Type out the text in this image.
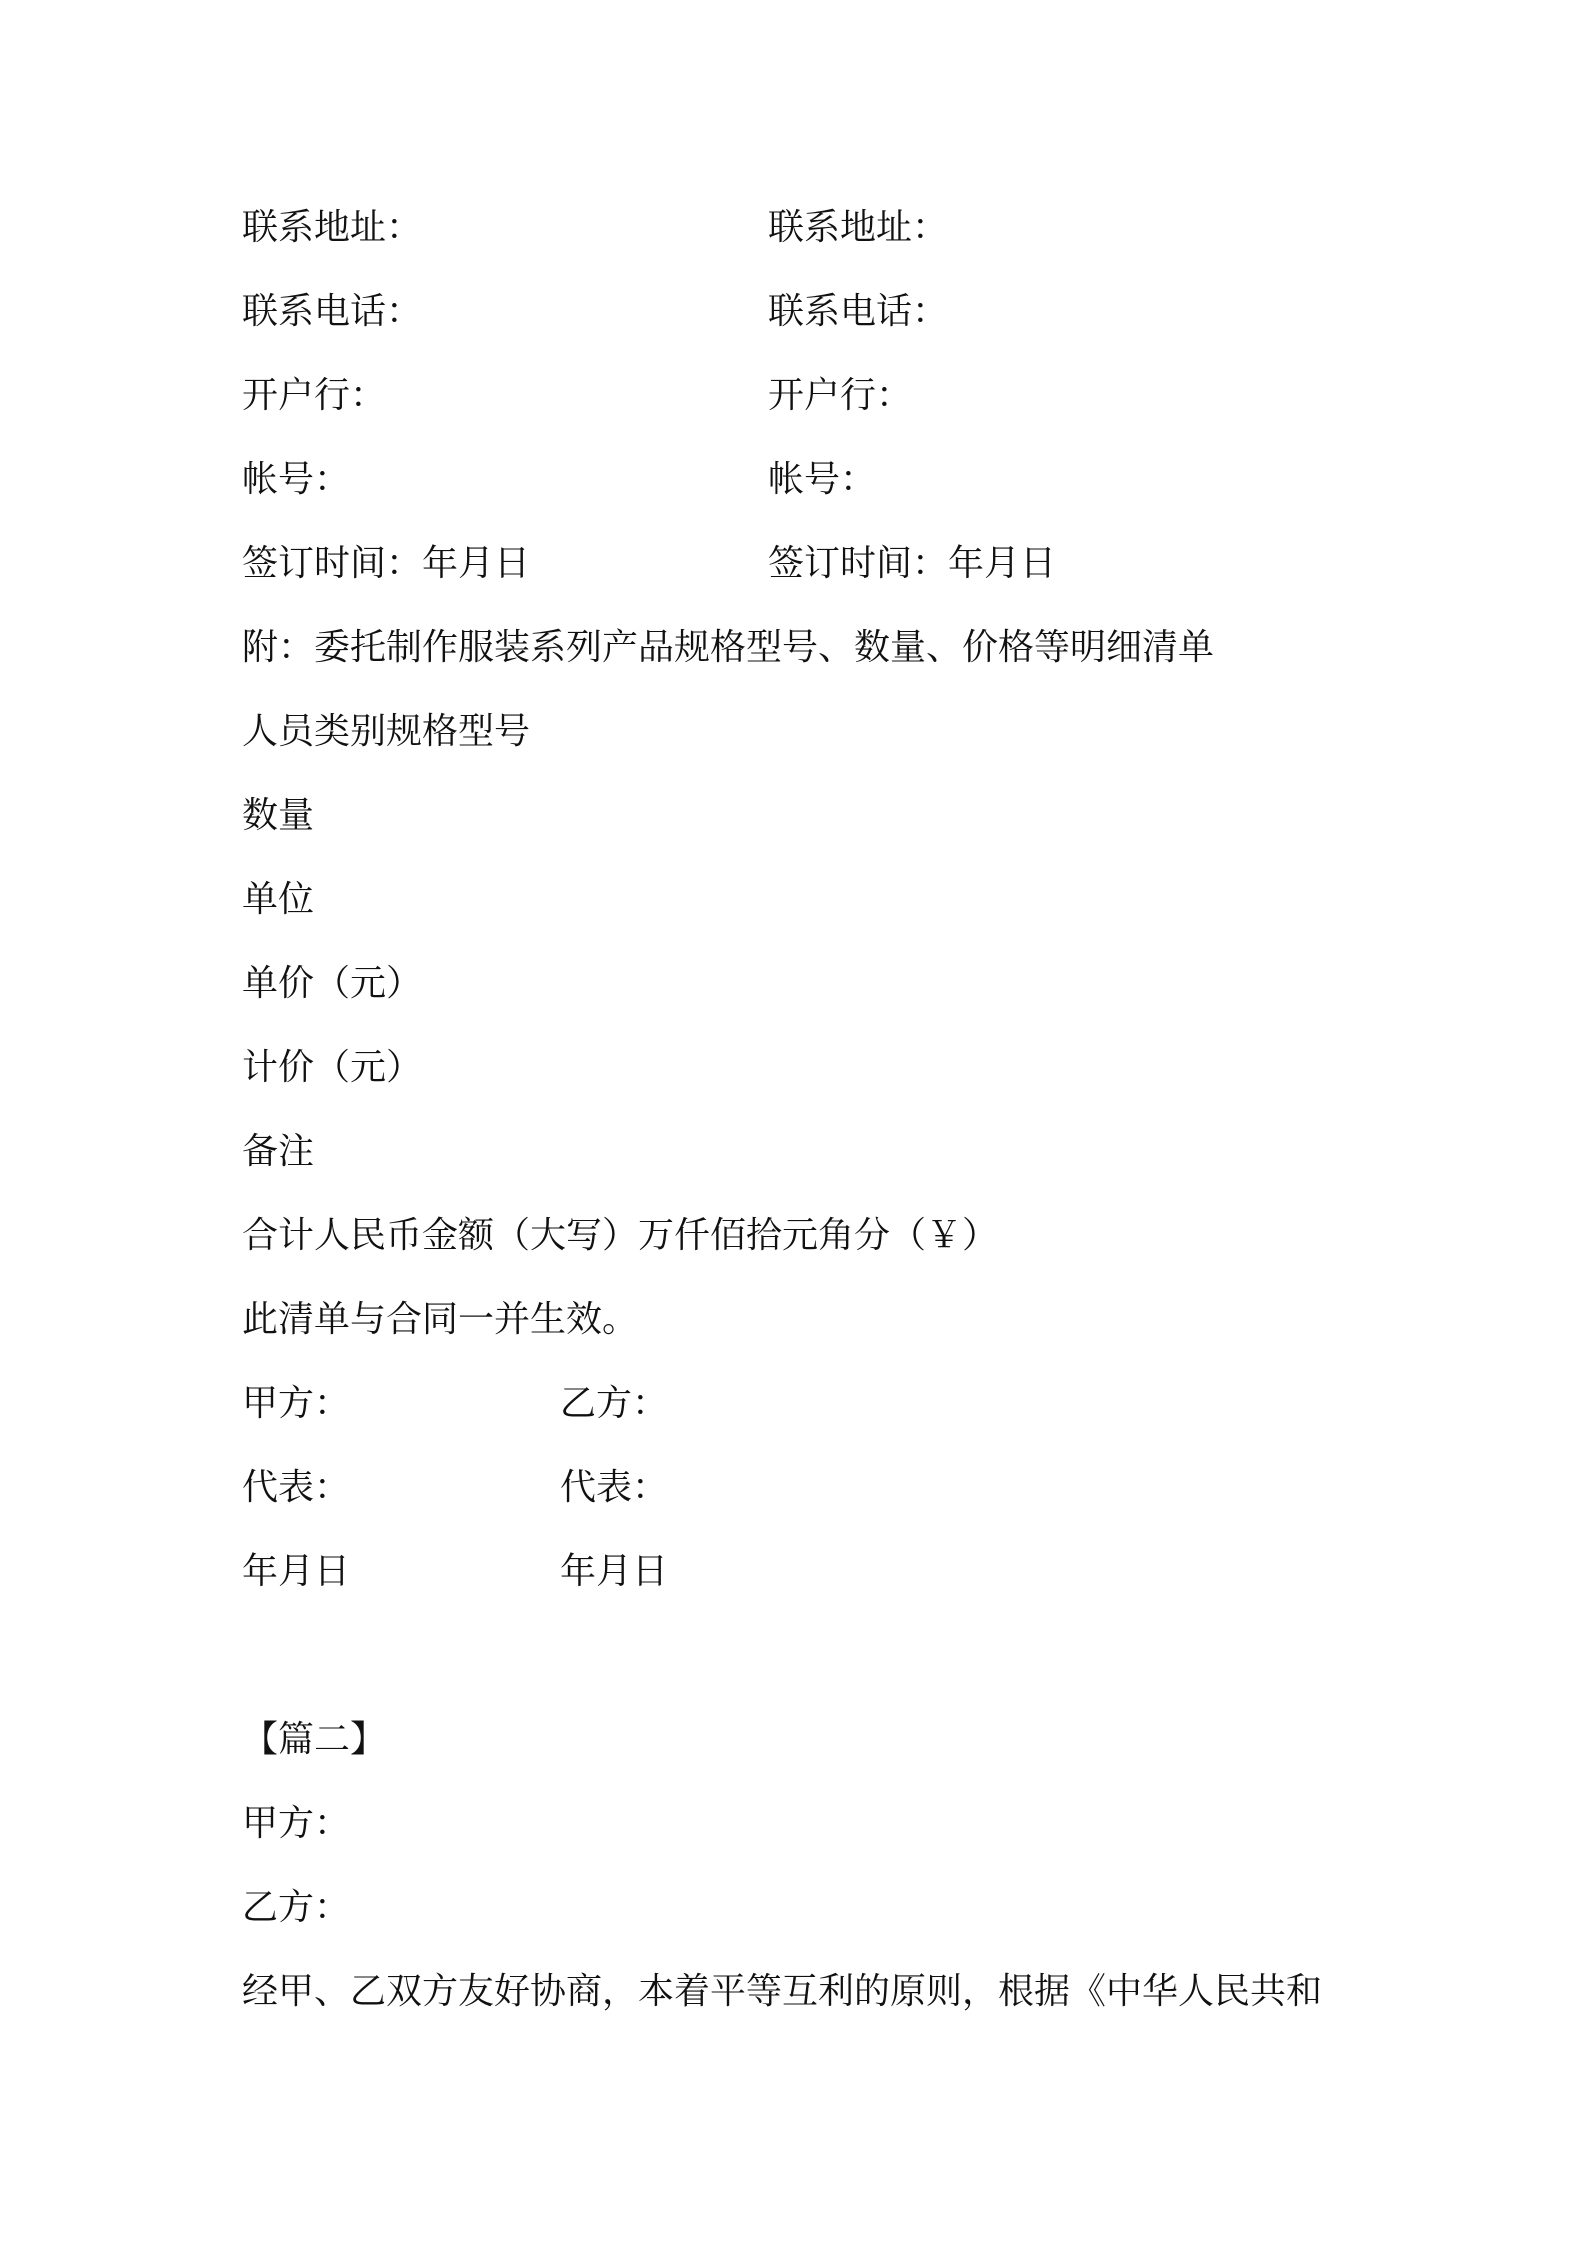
联系地址：	联系地址：
联系电话：	联系电话：
开户行：	开户行：
帐号：	帐号：
签订时间：年月日	签订时间：年月日
附：委托制作服装系列产品规格型号、数量、价格等明细清单
人员类别规格型号
数量
单位
单价（元）
计价（元）
备注
合计人民币金额（大写）万仟佰拾元角分（￥）
此清单与合同一并生效。
甲方：	乙方：
代表：	代表：
年月日	年月日
【篇二】
甲方：
乙方：
经甲、乙双方友好协商，本着平等互利的原则，根据《中华人民共和
